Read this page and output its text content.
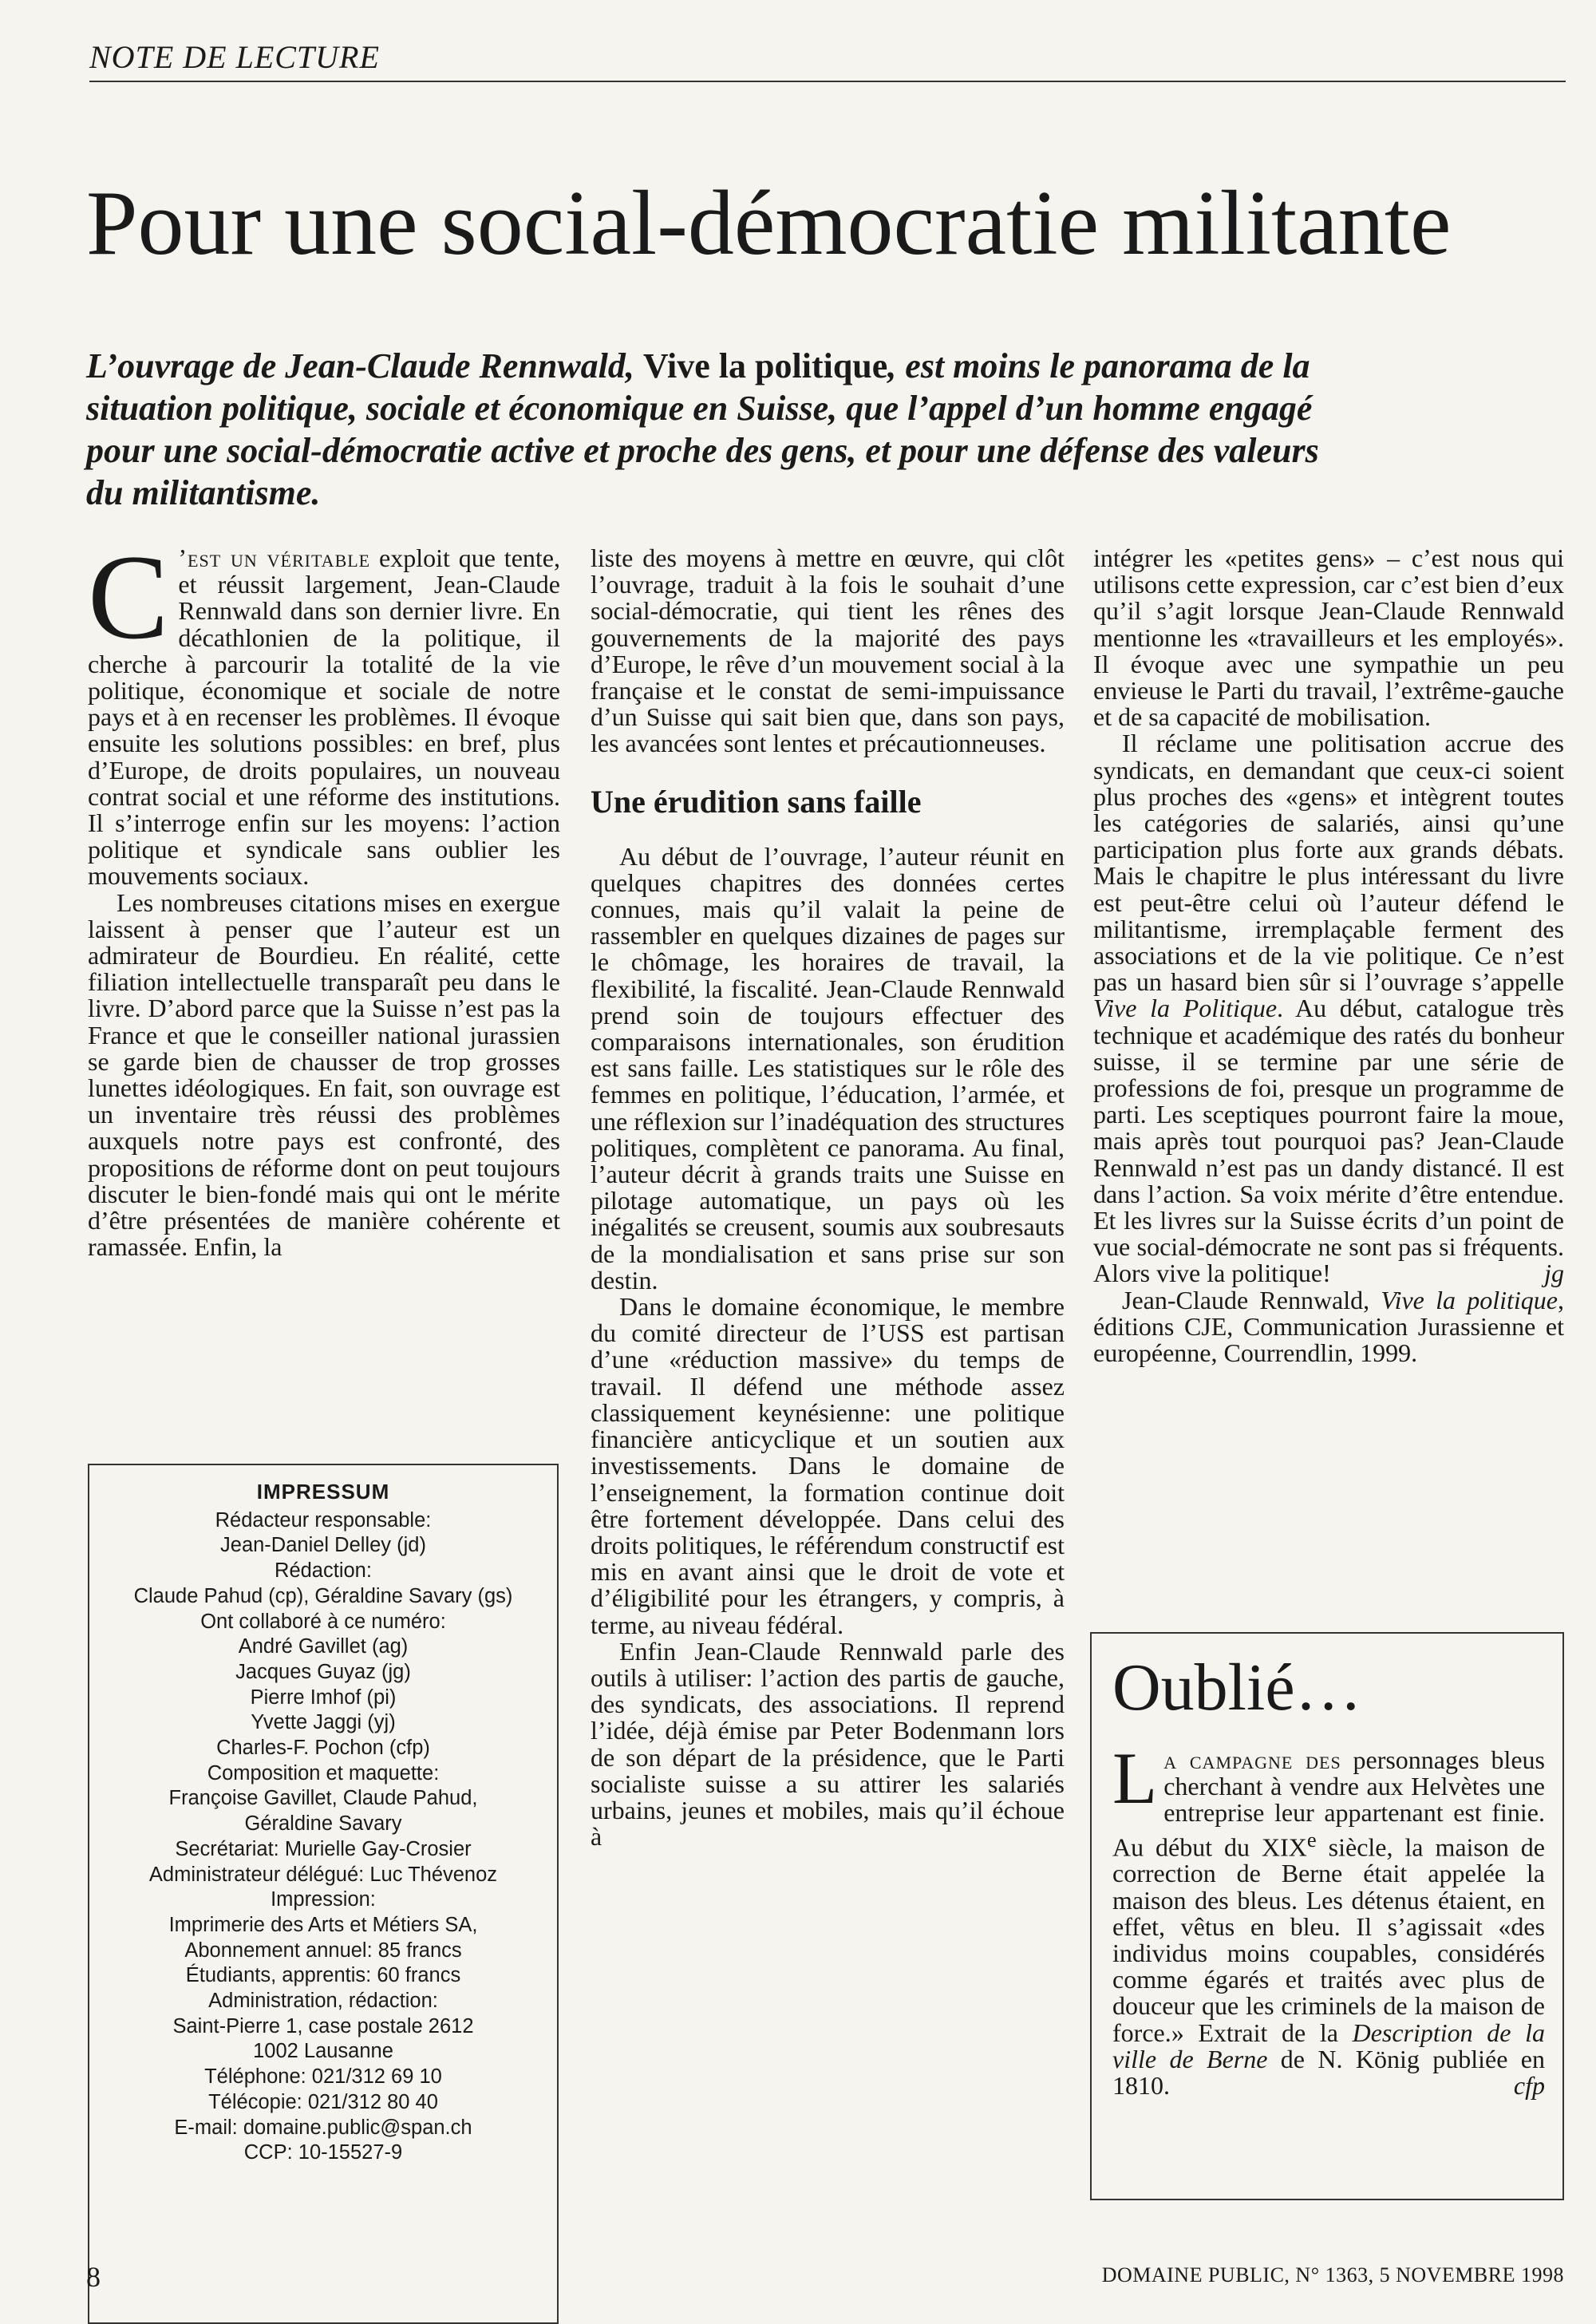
NOTE DE LECTURE
Pour une social-démocratie militante
L’ouvrage de Jean-Claude Rennwald, Vive la politique, est moins le panorama de la situation politique, sociale et économique en Suisse, que l’appel d’un homme engagé pour une social-démocratie active et proche des gens, et pour une défense des valeurs du militantisme.

C ’est un véritable exploit que tente, et réussit largement, Jean-Claude Rennwald dans son dernier livre. En décathlonien de la politique, il cherche à parcourir la totalité de la vie politique, économique et sociale de notre pays et à en recenser les problèmes. Il évoque ensuite les solutions possibles: en bref, plus d’Europe, de droits populaires, un nouveau contrat social et une réforme des institutions. Il s’interroge enfin sur les moyens: l’action politique et syndicale sans oublier les mouvements sociaux.

Les nombreuses citations mises en exergue laissent à penser que l’auteur est un admirateur de Bourdieu. En réalité, cette filiation intellectuelle transparaît peu dans le livre. D’abord parce que la Suisse n’est pas la France et que le conseiller national jurassien se garde bien de chausser de trop grosses lunettes idéologiques. En fait, son ouvrage est un inventaire très réussi des problèmes auxquels notre pays est confronté, des propositions de réforme dont on peut toujours discuter le bien-fondé mais qui ont le mérite d’être présentées de manière cohérente et ramassée. Enfin, la

IMPRESSUM
Rédacteur responsable:
Jean-Daniel Delley (jd)
Rédaction:
Claude Pahud (cp), Géraldine Savary (gs)
Ont collaboré à ce numéro:
André Gavillet (ag)
Jacques Guyaz (jg)
Pierre Imhof (pi)
Yvette Jaggi (yj)
Charles-F. Pochon (cfp)
Composition et maquette:
Françoise Gavillet, Claude Pahud,
Géraldine Savary
Secrétariat: Murielle Gay-Crosier
Administrateur délégué: Luc Thévenoz
Impression:
Imprimerie des Arts et Métiers SA,
Abonnement annuel: 85 francs
Étudiants, apprentis: 60 francs
Administration, rédaction:
Saint-Pierre 1, case postale 2612
1002 Lausanne
Téléphone: 021/312 69 10
Télécopie: 021/312 80 40
E-mail: domaine.public@span.ch
CCP: 10-15527-9

liste des moyens à mettre en œuvre, qui clôt l’ouvrage, traduit à la fois le souhait d’une social-démocratie, qui tient les rênes des gouvernements de la majorité des pays d’Europe, le rêve d’un mouvement social à la française et le constat de semi-impuissance d’un Suisse qui sait bien que, dans son pays, les avancées sont lentes et précautionneuses.

Une érudition sans faille

Au début de l’ouvrage, l’auteur réunit en quelques chapitres des données certes connues, mais qu’il valait la peine de rassembler en quelques dizaines de pages sur le chômage, les horaires de travail, la flexibilité, la fiscalité. Jean-Claude Rennwald prend soin de toujours effectuer des comparaisons internationales, son érudition est sans faille. Les statistiques sur le rôle des femmes en politique, l’éducation, l’armée, et une réflexion sur l’inadéquation des structures politiques, complètent ce panorama. Au final, l’auteur décrit à grands traits une Suisse en pilotage automatique, un pays où les inégalités se creusent, soumis aux soubresauts de la mondialisation et sans prise sur son destin.

Dans le domaine économique, le membre du comité directeur de l’USS est partisan d’une «réduction massive» du temps de travail. Il défend une méthode assez classiquement keynésienne: une politique financière anticyclique et un soutien aux investissements. Dans le domaine de l’enseignement, la formation continue doit être fortement développée. Dans celui des droits politiques, le référendum constructif est mis en avant ainsi que le droit de vote et d’éligibilité pour les étrangers, y compris, à terme, au niveau fédéral.

Enfin Jean-Claude Rennwald parle des outils à utiliser: l’action des partis de gauche, des syndicats, des associations. Il reprend l’idée, déjà émise par Peter Bodenmann lors de son départ de la présidence, que le Parti socialiste suisse a su attirer les salariés urbains, jeunes et mobiles, mais qu’il échoue à

intégrer les «petites gens» – c’est nous qui utilisons cette expression, car c’est bien d’eux qu’il s’agit lorsque Jean-Claude Rennwald mentionne les «travailleurs et les employés». Il évoque avec une sympathie un peu envieuse le Parti du travail, l’extrême-gauche et de sa capacité de mobilisation.

Il réclame une politisation accrue des syndicats, en demandant que ceux-ci soient plus proches des «gens» et intègrent toutes les catégories de salariés, ainsi qu’une participation plus forte aux grands débats. Mais le chapitre le plus intéressant du livre est peut-être celui où l’auteur défend le militantisme, irremplaçable ferment des associations et de la vie politique. Ce n’est pas un hasard bien sûr si l’ouvrage s’appelle Vive la Politique. Au début, catalogue très technique et académique des ratés du bonheur suisse, il se termine par une série de professions de foi, presque un programme de parti. Les sceptiques pourront faire la moue, mais après tout pourquoi pas? Jean-Claude Rennwald n’est pas un dandy distancé. Il est dans l’action. Sa voix mérite d’être entendue. Et les livres sur la Suisse écrits d’un point de vue social-démocrate ne sont pas si fréquents. Alors vive la politique!	jg

Jean-Claude Rennwald, Vive la politique, éditions CJE, Communication Jurassienne et européenne, Courrendlin, 1999.

Oublié…
La campagne des personnages bleus cherchant à vendre aux Helvètes une entreprise leur appartenant est finie. Au début du XIXe siècle, la maison de correction de Berne était appelée la maison des bleus. Les détenus étaient, en effet, vêtus en bleu. Il s’agissait «des individus moins coupables, considérés comme égarés et traités avec plus de douceur que les criminels de la maison de force.» Extrait de la Description de la ville de Berne de N. König publiée en 1810.	cfp
8	DOMAINE PUBLIC, N° 1363, 5 NOVEMBRE 1998
